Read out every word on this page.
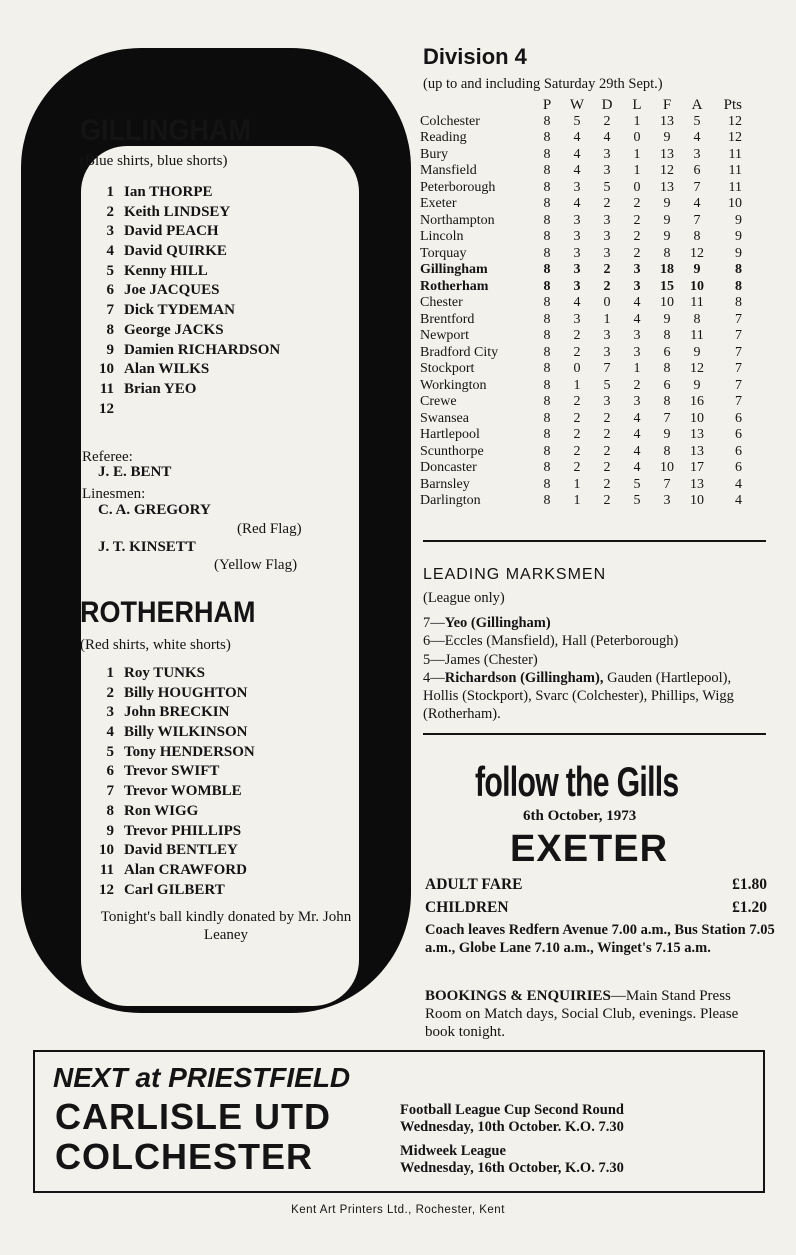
GILLINGHAM
(Blue shirts, blue shorts)
1 Ian THORPE
2 Keith LINDSEY
3 David PEACH
4 David QUIRKE
5 Kenny HILL
6 Joe JACQUES
7 Dick TYDEMAN
8 George JACKS
9 Damien RICHARDSON
10 Alan WILKS
11 Brian YEO
12
Referee:
J. E. BENT
Linesmen:
C. A. GREGORY
(Red Flag)
J. T. KINSETT
(Yellow Flag)
ROTHERHAM
(Red shirts, white shorts)
1 Roy TUNKS
2 Billy HOUGHTON
3 John BRECKIN
4 Billy WILKINSON
5 Tony HENDERSON
6 Trevor SWIFT
7 Trevor WOMBLE
8 Ron WIGG
9 Trevor PHILLIPS
10 David BENTLEY
11 Alan CRAWFORD
12 Carl GILBERT
Tonight's ball kindly donated by Mr. John Leaney
Division 4
(up to and including Saturday 29th Sept.)
	P	W	D	L	F	A	Pts
Colchester	8	5	2	1	13	5	12
Reading	8	4	4	0	9	4	12
Bury	8	4	3	1	13	3	11
Mansfield	8	4	3	1	12	6	11
Peterborough	8	3	5	0	13	7	11
Exeter	8	4	2	2	9	4	10
Northampton	8	3	3	2	9	7	9
Lincoln	8	3	3	2	9	8	9
Torquay	8	3	3	2	8	12	9
Gillingham	8	3	2	3	18	9	8
Rotherham	8	3	2	3	15	10	8
Chester	8	4	0	4	10	11	8
Brentford	8	3	1	4	9	8	7
Newport	8	2	3	3	8	11	7
Bradford City	8	2	3	3	6	9	7
Stockport	8	0	7	1	8	12	7
Workington	8	1	5	2	6	9	7
Crewe	8	2	3	3	8	16	7
Swansea	8	2	2	4	7	10	6
Hartlepool	8	2	2	4	9	13	6
Scunthorpe	8	2	2	4	8	13	6
Doncaster	8	2	2	4	10	17	6
Barnsley	8	1	2	5	7	13	4
Darlington	8	1	2	5	3	10	4
LEADING MARKSMEN
(League only)
7—Yeo (Gillingham)
6—Eccles (Mansfield), Hall (Peterborough)
5—James (Chester)
4—Richardson (Gillingham), Gauden (Hartlepool), Hollis (Stockport), Svarc (Colchester), Phillips, Wigg (Rotherham).
follow the Gills
6th October, 1973
EXETER
ADULT FARE	£1.80
CHILDREN	£1.20
Coach leaves Redfern Avenue 7.00 a.m., Bus Station 7.05 a.m., Globe Lane 7.10 a.m., Winget's 7.15 a.m.
BOOKINGS & ENQUIRIES—Main Stand Press Room on Match days, Social Club, evenings. Please book tonight.
NEXT at PRIESTFIELD
CARLISLE UTD
COLCHESTER
Football League Cup Second Round
Wednesday, 10th October. K.O. 7.30
Midweek League
Wednesday, 16th October, K.O. 7.30
Kent Art Printers Ltd., Rochester, Kent
